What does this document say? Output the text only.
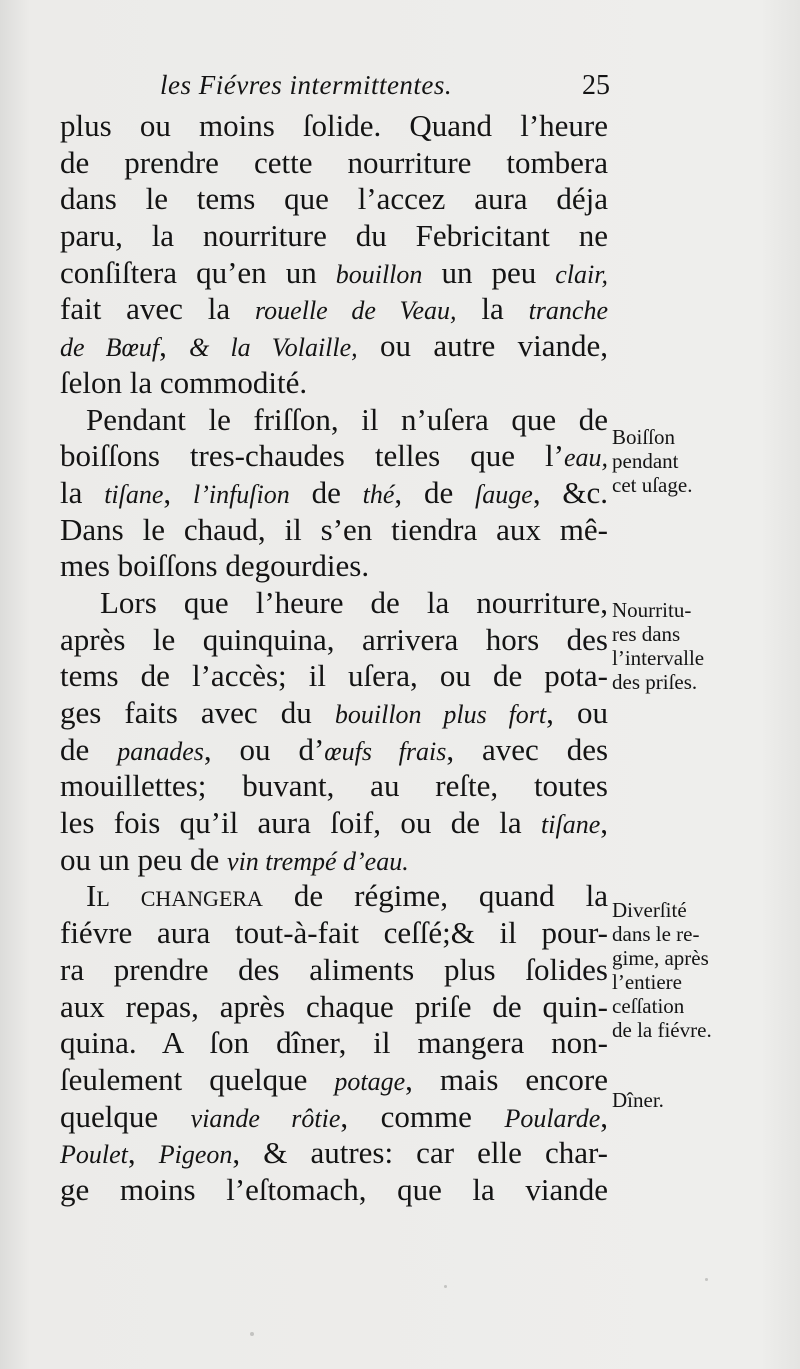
les Fiévres intermittentes.	25
plus ou moins ſolide. Quand l’heure
de prendre cette nourriture tombera
dans le tems que l’accez aura déja
paru, la nourriture du Febricitant ne
conſiſtera qu’en un bouillon un peu clair,
fait avec la rouelle de Veau, la tranche
de Bœuf, & la Volaille, ou autre viande,
ſelon la commodité.
Pendant le friſſon, il n’uſera que de
boiſſons tres-chaudes telles que l’eau,
la tiſane, l’infuſion de thé, de ſauge, &c.
Dans le chaud, il s’en tiendra aux mê-
mes boiſſons degourdies.
Lors que l’heure de la nourriture,
après le quinquina, arrivera hors des
tems de l’accès; il uſera, ou de pota-
ges faits avec du bouillon plus fort, ou
de panades, ou d’œufs frais, avec des
mouillettes; buvant, au reſte, toutes
les fois qu’il aura ſoif, ou de la tiſane,
ou un peu de vin trempé d’eau.
Il changera de régime, quand la
fiévre aura tout-à-fait ceſſé;& il pour-
ra prendre des aliments plus ſolides
aux repas, après chaque priſe de quin-
quina. A ſon dîner, il mangera non-
ſeulement quelque potage, mais encore
quelque viande rôtie, comme Poularde,
Poulet, Pigeon, & autres: car elle char-
ge moins l’eſtomach, que la viande
Boiſſon
pendant
cet uſage.
Nourritu-
res dans
l’intervalle
des priſes.
Diverſité
dans le re-
gime, après
l’entiere
ceſſation
de la fiévre.
Dîner.
